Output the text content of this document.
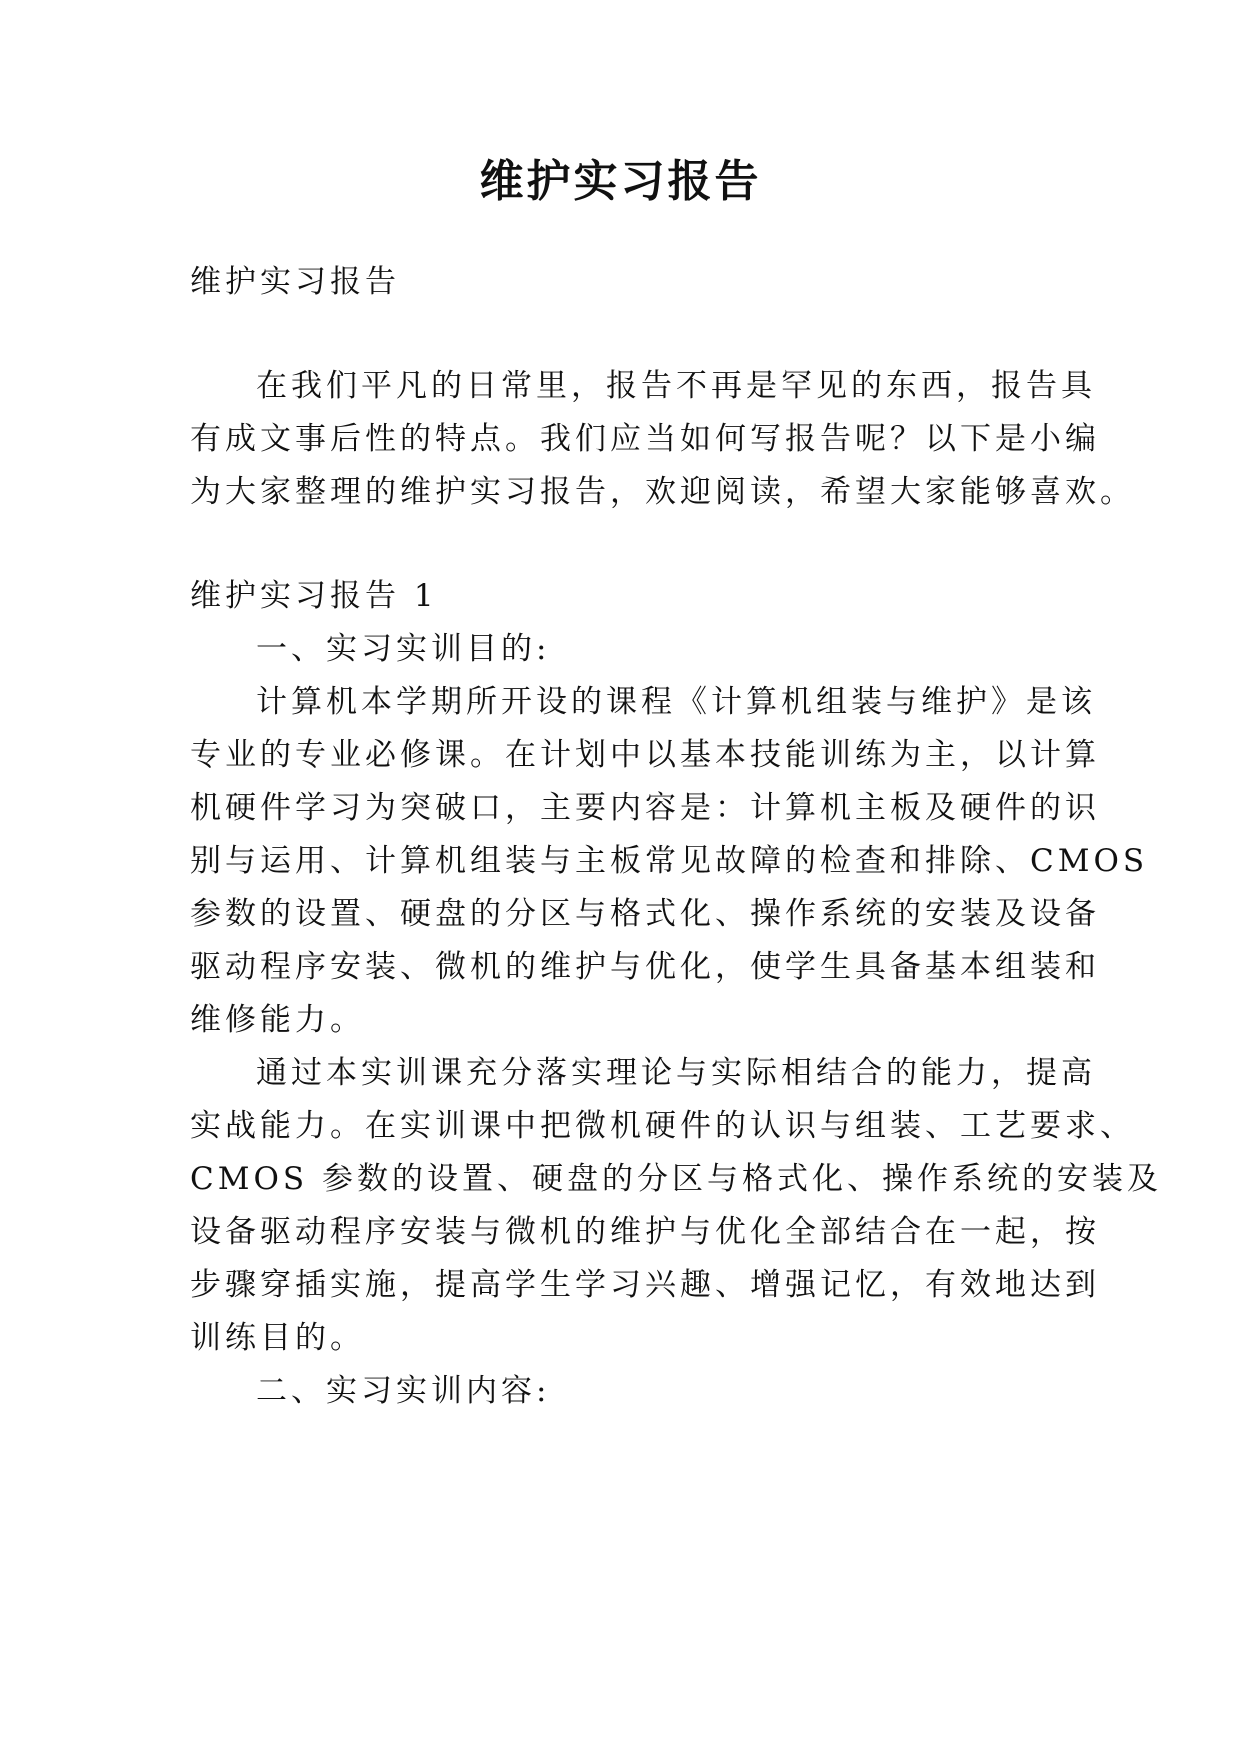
维护实习报告
维护实习报告
在我们平凡的日常里，报告不再是罕见的东西，报告具
有成文事后性的特点。我们应当如何写报告呢？以下是小编
为大家整理的维护实习报告，欢迎阅读，希望大家能够喜欢。
维护实习报告 1
一、实习实训目的:
计算机本学期所开设的课程《计算机组装与维护》是该
专业的专业必修课。在计划中以基本技能训练为主，以计算
机硬件学习为突破口，主要内容是：计算机主板及硬件的识
别与运用、计算机组装与主板常见故障的检查和排除、CMOS
参数的设置、硬盘的分区与格式化、操作系统的安装及设备
驱动程序安装、微机的维护与优化，使学生具备基本组装和
维修能力。
通过本实训课充分落实理论与实际相结合的能力，提高
实战能力。在实训课中把微机硬件的认识与组装、工艺要求、
CMOS 参数的设置、硬盘的分区与格式化、操作系统的安装及
设备驱动程序安装与微机的维护与优化全部结合在一起，按
步骤穿插实施，提高学生学习兴趣、增强记忆，有效地达到
训练目的。
二、实习实训内容:
